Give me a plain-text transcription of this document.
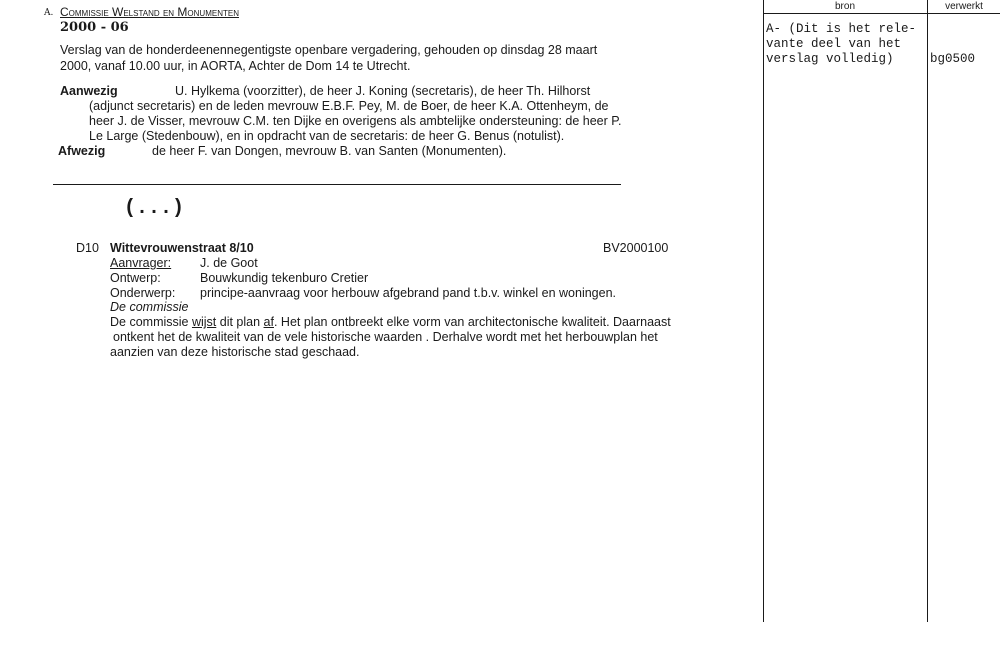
A. Commissie Welstand en Monumenten
2000 - 06
Verslag van de honderdeenennegentigste openbare vergadering, gehouden op dinsdag 28 maart
2000, vanaf 10.00 uur, in AORTA, Achter de Dom 14 te Utrecht.
Aanwezig	U. Hylkema (voorzitter), de heer J. Koning (secretaris), de heer Th. Hilhorst
(adjunct secretaris) en de leden mevrouw E.B.F. Pey, M. de Boer, de heer K.A. Ottenheym, de
heer J. de Visser, mevrouw C.M. ten Dijke en overigens als ambtelijke ondersteuning: de heer P.
Le Large (Stedenbouw), en in opdracht van de secretaris: de heer G. Benus (notulist).
Afwezig	de heer F. van Dongen, mevrouw B. van Santen (Monumenten).
(...)
D10 Wittevrouwenstraat 8/10	BV2000100
Aanvrager: J. de Goot
Ontwerp:	Bouwkundig tekenburo Cretier
Onderwerp: principe-aanvraag voor herbouw afgebrand pand t.b.v. winkel en woningen.
De commissie
De commissie wijst dit plan af. Het plan ontbreekt elke vorm van architectonische kwaliteit. Daarnaast
ontkent het de kwaliteit van de vele historische waarden . Derhalve wordt met het herbouwplan het
aanzien van deze historische stad geschaad.
bron	verwerkt
A- (Dit is het rele-
vante deel van het
verslag volledig)	bg0500
